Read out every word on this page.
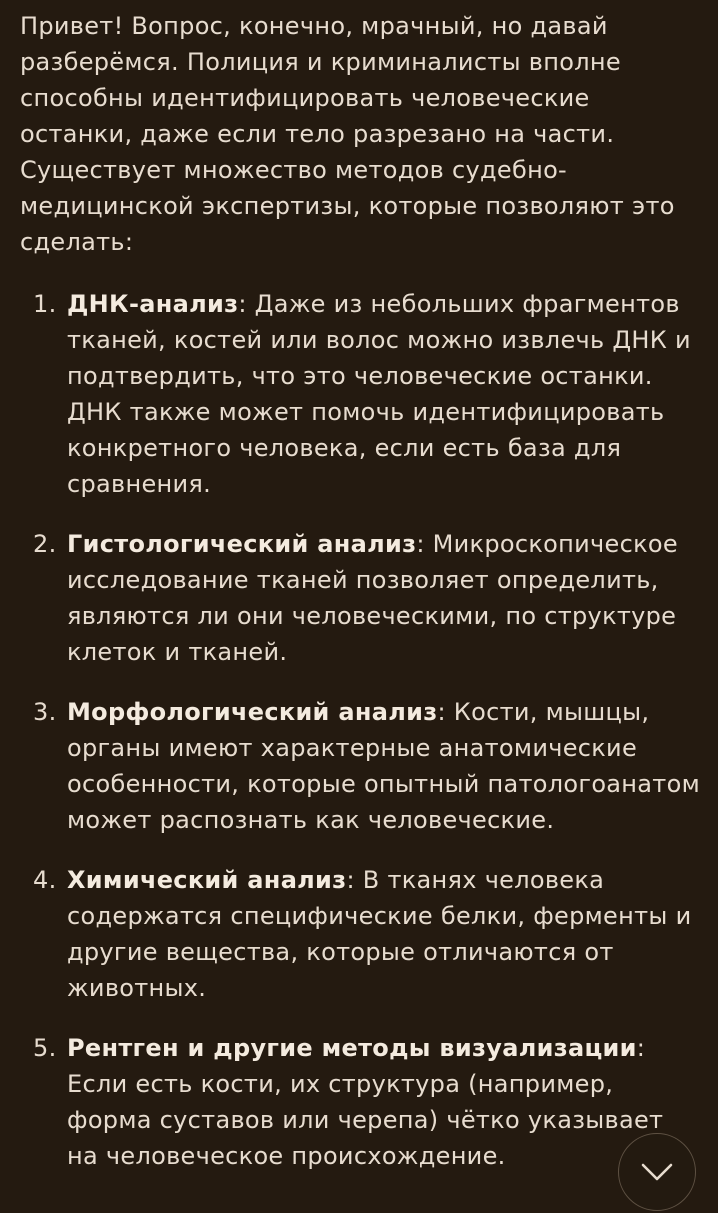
Привет! Вопрос, конечно, мрачный, но давай разберёмся. Полиция и криминалисты вполне способны идентифицировать человеческие останки, даже если тело разрезано на части. Существует множество методов судебно-медицинской экспертизы, которые позволяют это сделать:

1. ДНК-анализ: Даже из небольших фрагментов тканей, костей или волос можно извлечь ДНК и подтвердить, что это человеческие останки. ДНК также может помочь идентифицировать конкретного человека, если есть база для сравнения.
2. Гистологический анализ: Микроскопическое исследование тканей позволяет определить, являются ли они человеческими, по структуре клеток и тканей.
3. Морфологический анализ: Кости, мышцы, органы имеют характерные анатомические особенности, которые опытный патологоанатом может распознать как человеческие.
4. Химический анализ: В тканях человека содержатся специфические белки, ферменты и другие вещества, которые отличаются от животных.
5. Рентген и другие методы визуализации: Если есть кости, их структура (например, форма суставов или черепа) чётко указывает на человеческое происхождение.
